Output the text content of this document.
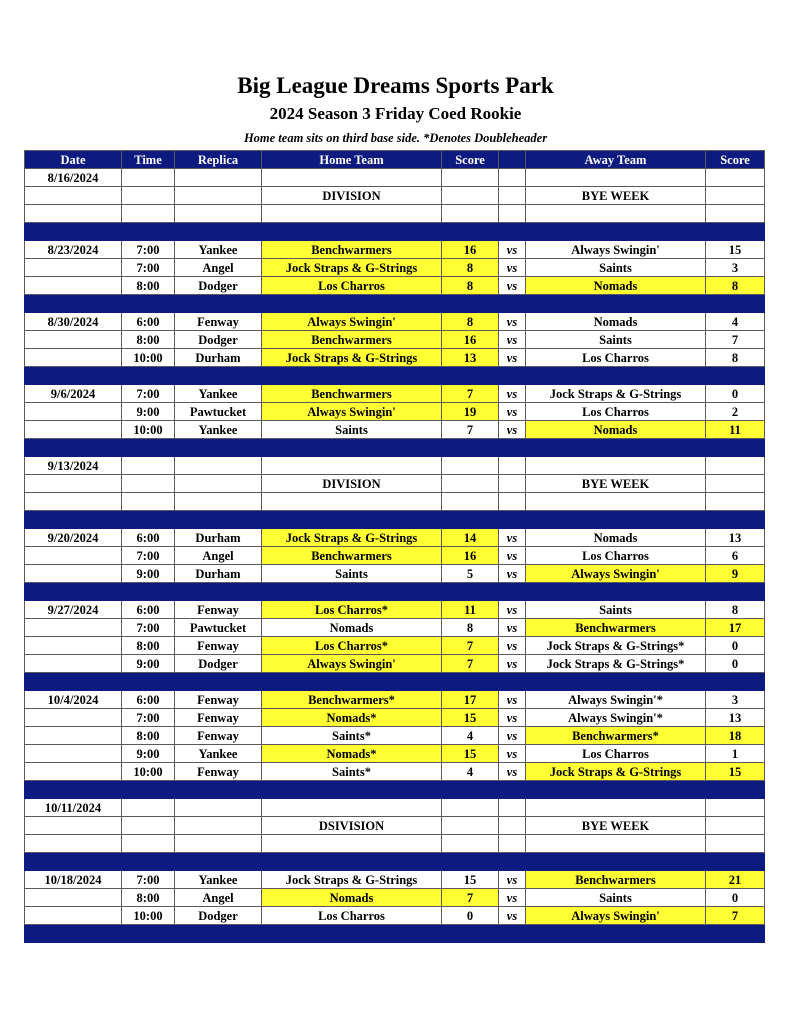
Big League Dreams Sports Park
2024 Season 3 Friday Coed Rookie
Home team sits on third base side. *Denotes Doubleheader
Date	Time	Replica	Home Team	Score		Away Team	Score
8/16/2024							
			DIVISION			BYE WEEK	

8/23/2024	7:00	Yankee	Benchwarmers	16	vs	Always Swingin'	15
	7:00	Angel	Jock Straps & G-Strings	8	vs	Saints	3
	8:00	Dodger	Los Charros	8	vs	Nomads	8

8/30/2024	6:00	Fenway	Always Swingin'	8	vs	Nomads	4
	8:00	Dodger	Benchwarmers	16	vs	Saints	7
	10:00	Durham	Jock Straps & G-Strings	13	vs	Los Charros	8

9/6/2024	7:00	Yankee	Benchwarmers	7	vs	Jock Straps & G-Strings	0
	9:00	Pawtucket	Always Swingin'	19	vs	Los Charros	2
	10:00	Yankee	Saints	7	vs	Nomads	11

9/13/2024							
			DIVISION			BYE WEEK	

9/20/2024	6:00	Durham	Jock Straps & G-Strings	14	vs	Nomads	13
	7:00	Angel	Benchwarmers	16	vs	Los Charros	6
	9:00	Durham	Saints	5	vs	Always Swingin'	9

9/27/2024	6:00	Fenway	Los Charros*	11	vs	Saints	8
	7:00	Pawtucket	Nomads	8	vs	Benchwarmers	17
	8:00	Fenway	Los Charros*	7	vs	Jock Straps & G-Strings*	0
	9:00	Dodger	Always Swingin'	7	vs	Jock Straps & G-Strings*	0

10/4/2024	6:00	Fenway	Benchwarmers*	17	vs	Always Swingin'*	3
	7:00	Fenway	Nomads*	15	vs	Always Swingin'*	13
	8:00	Fenway	Saints*	4	vs	Benchwarmers*	18
	9:00	Yankee	Nomads*	15	vs	Los Charros	1
	10:00	Fenway	Saints*	4	vs	Jock Straps & G-Strings	15

10/11/2024							
			DSIVISION			BYE WEEK	

10/18/2024	7:00	Yankee	Jock Straps & G-Strings	15	vs	Benchwarmers	21
	8:00	Angel	Nomads	7	vs	Saints	0
	10:00	Dodger	Los Charros	0	vs	Always Swingin'	7
